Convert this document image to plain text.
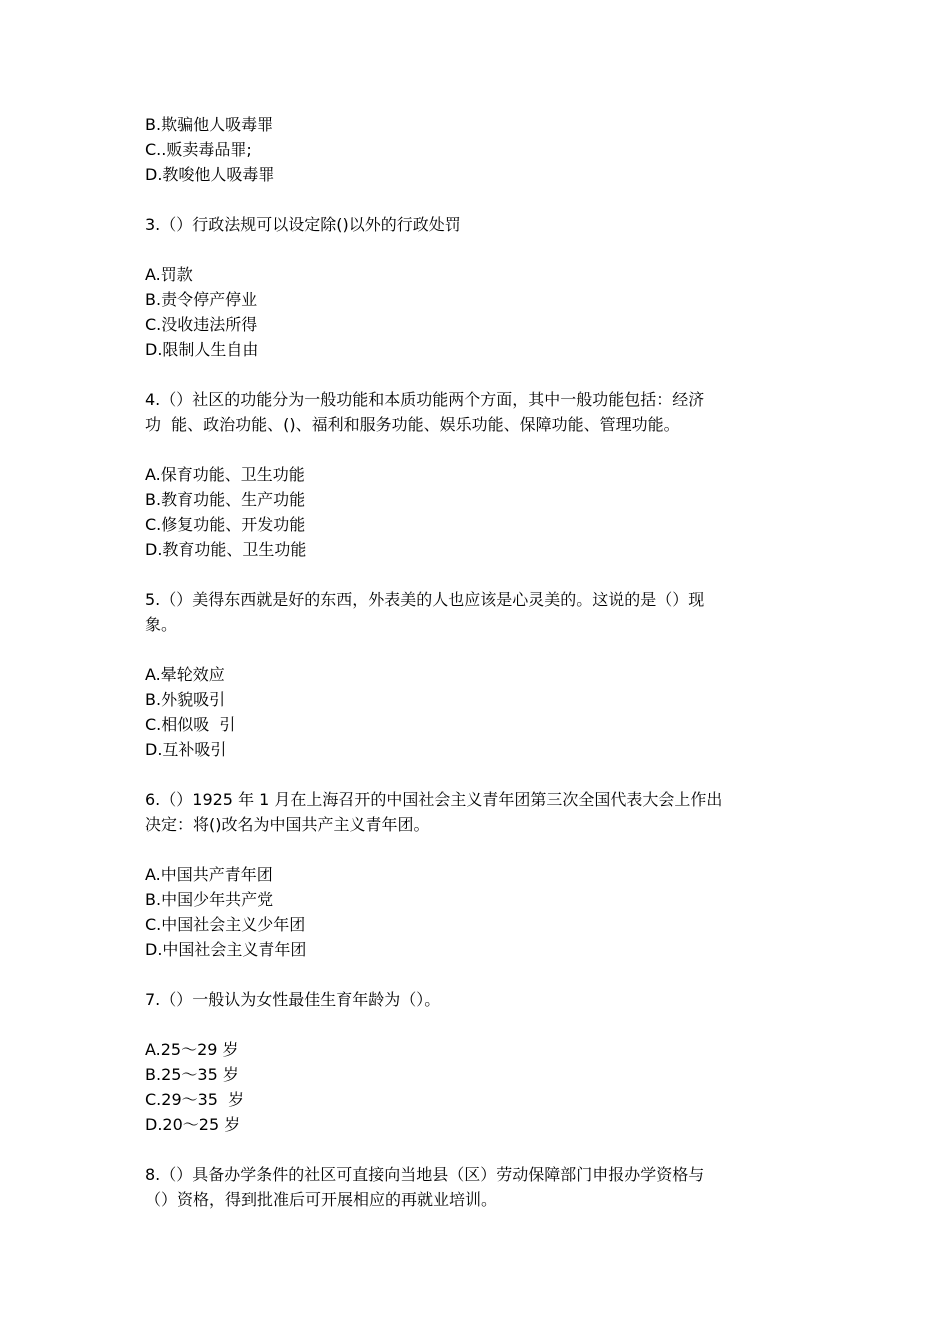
B.欺骗他人吸毒罪
C..贩卖毒品罪;
D.教唆他人吸毒罪
3.（）行政法规可以设定除()以外的行政处罚
A.罚款
B.责令停产停业
C.没收违法所得
D.限制人生自由
4.（）社区的功能分为一般功能和本质功能两个方面，其中一般功能包括：经济
功  能、政治功能、()、福利和服务功能、娱乐功能、保障功能、管理功能。
A.保育功能、卫生功能
B.教育功能、生产功能
C.修复功能、开发功能
D.教育功能、卫生功能
5.（）美得东西就是好的东西，外表美的人也应该是心灵美的。这说的是（）现
象。
A.晕轮效应
B.外貌吸引
C.相似吸  引
D.互补吸引
6.（）1925 年 1 月在上海召开的中国社会主义青年团第三次全国代表大会上作出
决定：将()改名为中国共产主义青年团。
A.中国共产青年团
B.中国少年共产党
C.中国社会主义少年团
D.中国社会主义青年团
7.（）一般认为女性最佳生育年龄为（）。
A.25～29 岁
B.25～35 岁
C.29～35  岁
D.20～25 岁
8.（）具备办学条件的社区可直接向当地县（区）劳动保障部门申报办学资格与
（）资格，得到批准后可开展相应的再就业培训。
